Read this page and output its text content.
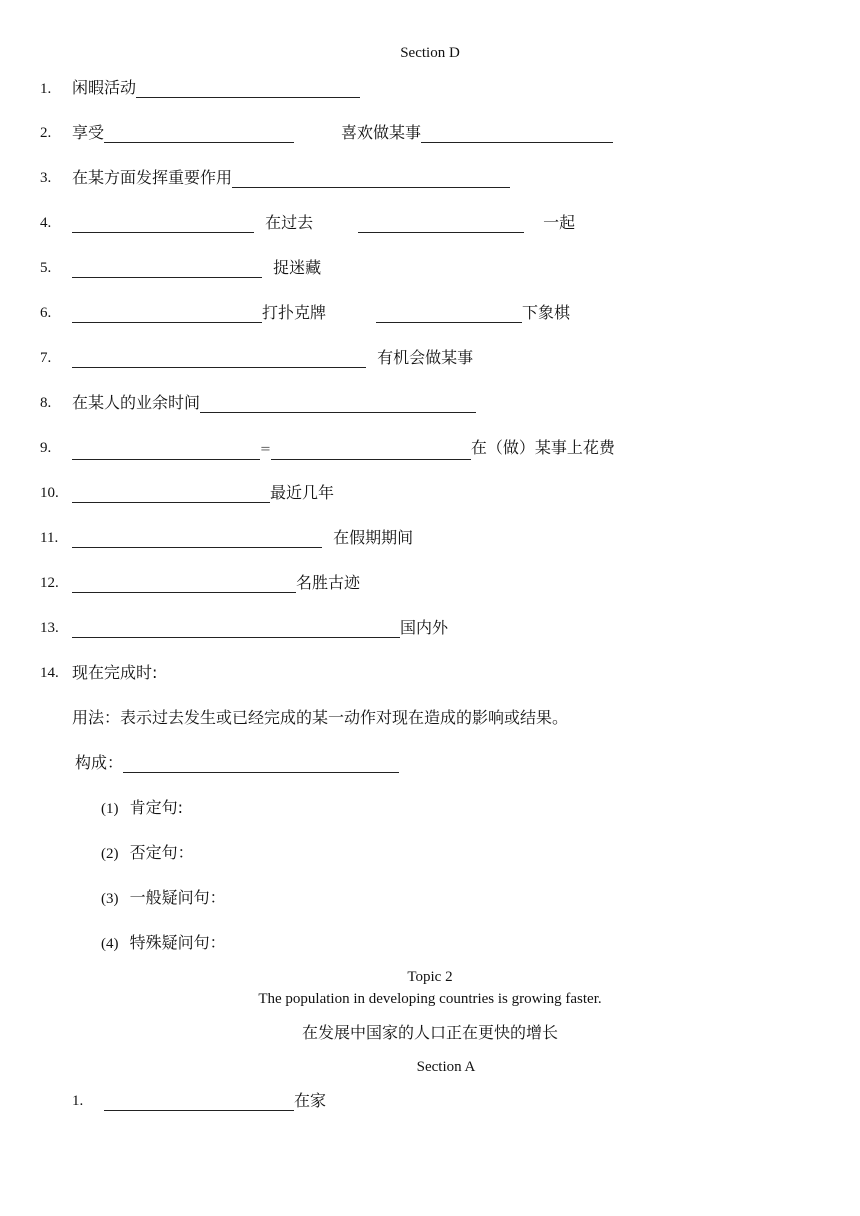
Section D
1. 闲暇活动
2. 享受	喜欢做某事
3. 在某方面发挥重要作用
4.	在过去	一起
5.	捉迷藏
6.	打扑克牌	下象棋
7.	有机会做某事
8. 在某人的业余时间
9.	=	在（做）某事上花费
10.	最近几年
11.	在假期期间
12.	名胜古迹
13.	国内外
14. 现在完成时:
用法：表示过去发生或已经完成的某一动作对现在造成的影响或结果。
构成：
(1) 肯定句:
(2) 否定句：
(3) 一般疑问句：
(4) 特殊疑问句：
Topic 2
The population in developing countries is growing faster.
在发展中国家的人口正在更快的增长
Section A
1.	在家
